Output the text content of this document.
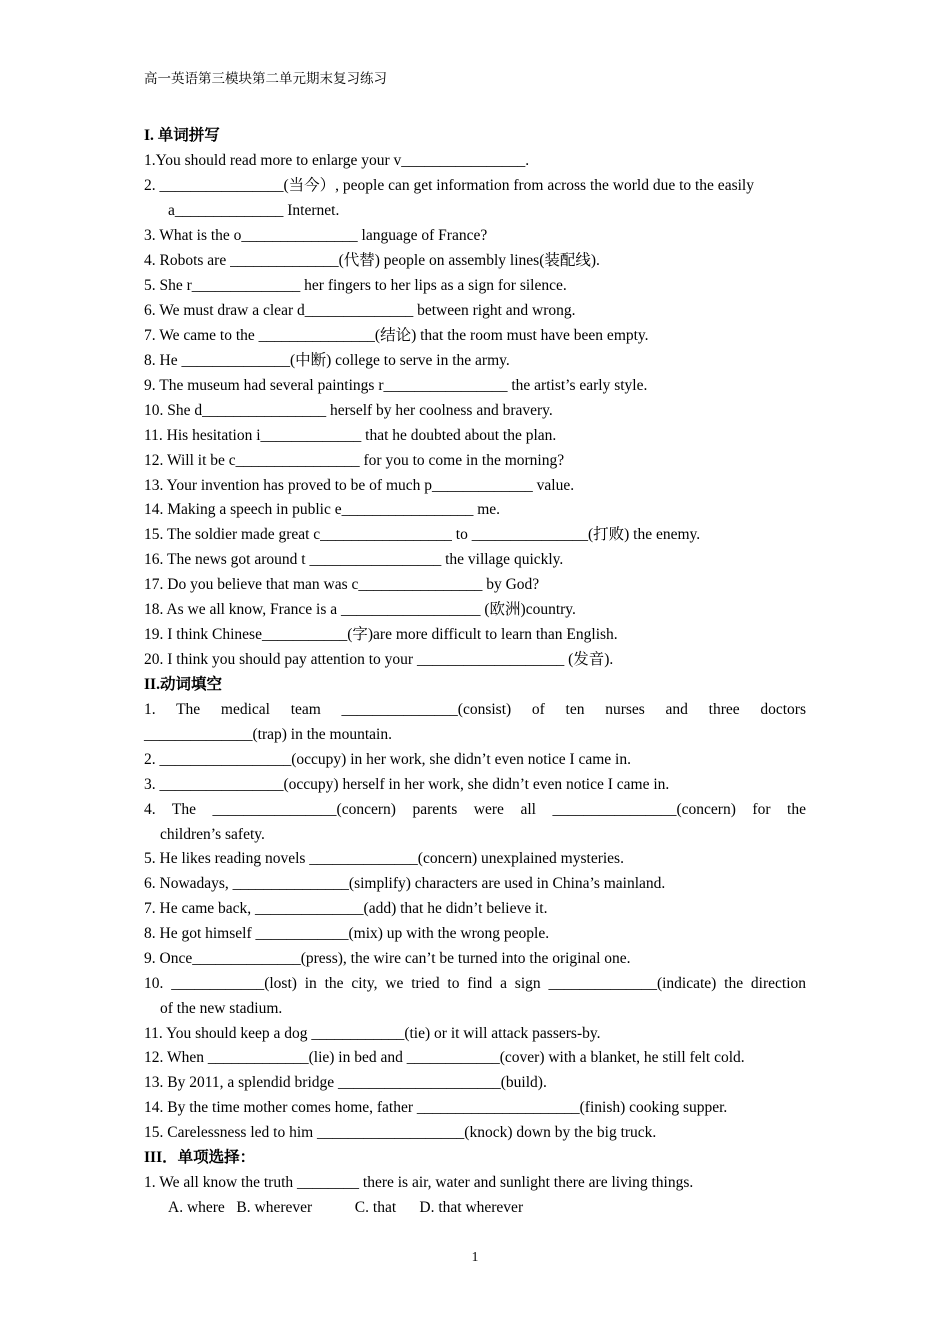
高一英语第三模块第二单元期末复习练习
I. 单词拼写
1.You should read more to enlarge your v________________.
2. ________________(当今）, people can get information from across the world due to the easily
a______________ Internet.
3. What is the o_______________ language of France?
4. Robots are ______________(代替) people on assembly lines(装配线).
5. She r______________ her fingers to her lips as a sign for silence.
6. We must draw a clear d______________ between right and wrong.
7. We came to the _______________(结论) that the room must have been empty.
8. He ______________(中断) college to serve in the army.
9. The museum had several paintings r________________ the artist’s early style.
10. She d________________ herself by her coolness and bravery.
11. His hesitation i_____________ that he doubted about the plan.
12. Will it be c________________ for you to come in the morning?
13. Your invention has proved to be of much p_____________ value.
14. Making a speech in public e_________________ me.
15. The soldier made great c_________________ to _______________(打败) the enemy.
16. The news got around t _________________ the village quickly.
17. Do you believe that man was c________________ by God?
18. As we all know, France is a __________________ (欧洲)country.
19. I think Chinese___________(字)are more difficult to learn than English.
20. I think you should pay attention to your ___________________ (发音).
II.动词填空
1. The medical team _______________(consist) of ten nurses and three doctors
______________(trap) in the mountain.
2. _________________(occupy) in her work, she didn’t even notice I came in.
3. ________________(occupy) herself in her work, she didn’t even notice I came in.
4. The ________________(concern) parents were all ________________(concern) for the
children’s safety.
5. He likes reading novels ______________(concern) unexplained mysteries.
6. Nowadays, _______________(simplify) characters are used in China’s mainland.
7. He came back, ______________(add) that he didn’t believe it.
8. He got himself ____________(mix) up with the wrong people.
9. Once______________(press), the wire can’t be turned into the original one.
10. ____________(lost) in the city, we tried to find a sign ______________(indicate) the direction
of the new stadium.
11. You should keep a dog ____________(tie) or it will attack passers-by.
12. When _____________(lie) in bed and ____________(cover) with a blanket, he still felt cold.
13. By 2011, a splendid bridge _____________________(build).
14. By the time mother comes home, father _____________________(finish) cooking supper.
15. Carelessness led to him ___________________(knock) down by the big truck.
III．单项选择：
1. We all know the truth ________ there is air, water and sunlight there are living things.
A. where   B. wherever           C. that      D. that wherever
1
